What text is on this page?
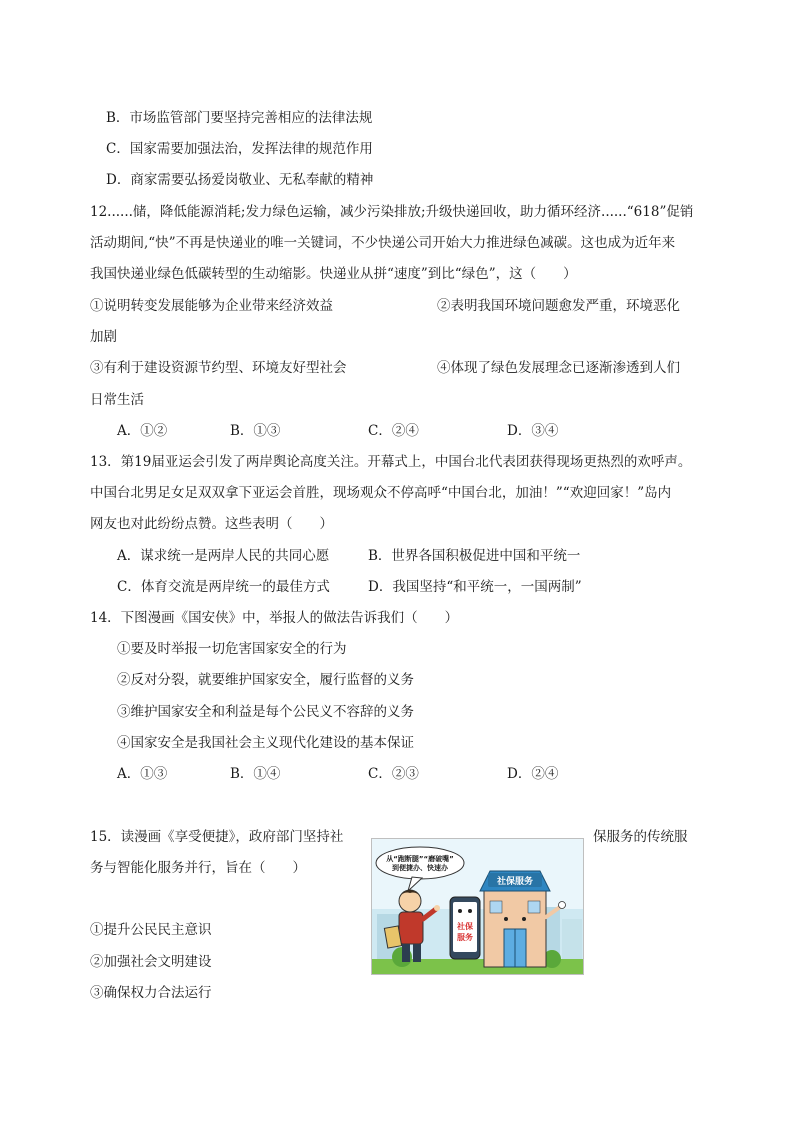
B．市场监管部门要坚持完善相应的法律法规
C．国家需要加强法治，发挥法律的规范作用
D．商家需要弘扬爱岗敬业、无私奉献的精神
12......储，降低能源消耗;发力绿色运输，减少污染排放;升级快递回收，助力循环经济......“618”促销
活动期间,“快”不再是快递业的唯一关键词，不少快递公司开始大力推进绿色减碳。这也成为近年来
我国快递业绿色低碳转型的生动缩影。快递业从拼“速度”到比“绿色”，这（　　）
①说明转变发展能够为企业带来经济效益	②表明我国环境问题愈发严重，环境恶化
加剧
③有利于建设资源节约型、环境友好型社会	④体现了绿色发展理念已逐渐渗透到人们
日常生活
A．①②	B．①③	C．②④	D．③④
13．第19届亚运会引发了两岸舆论高度关注。开幕式上，中国台北代表团获得现场更热烈的欢呼声。
中国台北男足女足双双拿下亚运会首胜，现场观众不停高呼“中国台北，加油！”“欢迎回家！”岛内
网友也对此纷纷点赞。这些表明（　　）
A．谋求统一是两岸人民的共同心愿	B．世界各国积极促进中国和平统一
C．体育交流是两岸统一的最佳方式	D．我国坚持“和平统一，一国两制”
14．下图漫画《国安侠》中，举报人的做法告诉我们（　　）
①要及时举报一切危害国家安全的行为
②反对分裂，就要维护国家安全，履行监督的义务
③维护国家安全和利益是每个公民义不容辞的义务
④国家安全是我国社会主义现代化建设的基本保证
A．①③	B．①④	C．②③	D．②④
15．读漫画《享受便捷》，政府部门坚持社	保服务的传统服
务与智能化服务并行，旨在（　　）
①提升公民民主意识
②加强社会文明建设
③确保权力合法运行
从“跑断腿”“磨破嘴”
到便捷办、快速办
社保
服务
社保服务
